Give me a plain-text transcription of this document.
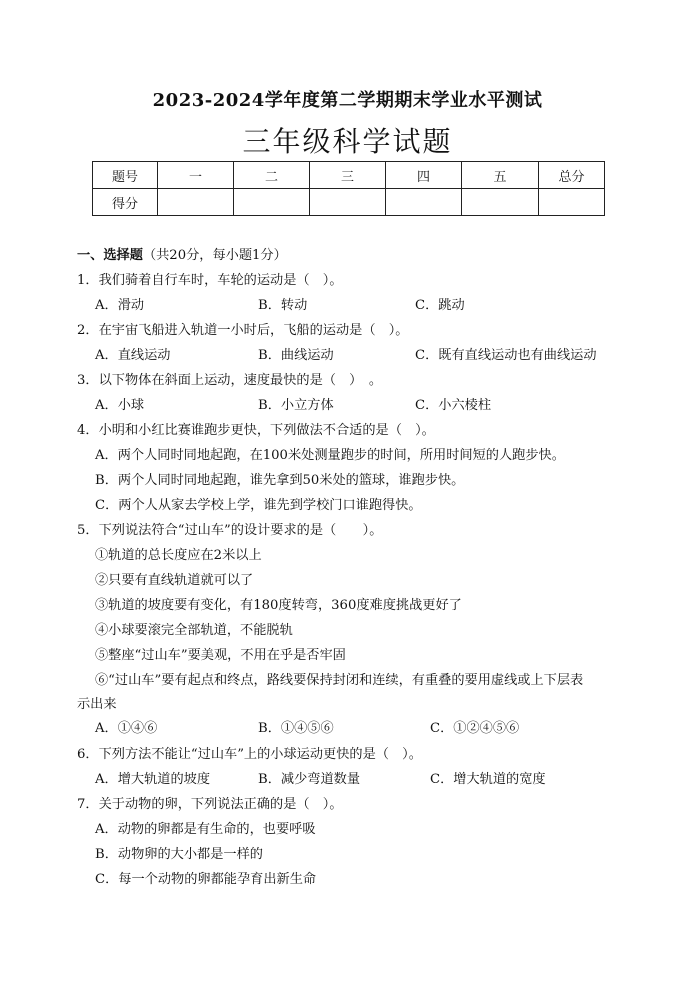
2023-2024学年度第二学期期末学业水平测试
三年级科学试题
题号	一	二	三	四	五	总分
得分						
一、选择题（共20分，每小题1分）
1．我们骑着自行车时，车轮的运动是（　）。
A．滑动	B．转动	C．跳动
2．在宇宙飞船进入轨道一小时后，飞船的运动是（　）。
A．直线运动	B．曲线运动	C．既有直线运动也有曲线运动
3．以下物体在斜面上运动，速度最快的是（　）　。
A．小球	B．小立方体	C．小六棱柱
4．小明和小红比赛谁跑步更快，下列做法不合适的是（　）。
A．两个人同时同地起跑，在100米处测量跑步的时间，所用时间短的人跑步快。
B．两个人同时同地起跑，谁先拿到50米处的篮球，谁跑步快。
C．两个人从家去学校上学，谁先到学校门口谁跑得快。
5．下列说法符合“过山车”的设计要求的是（　　）。
①轨道的总长度应在2米以上
②只要有直线轨道就可以了
③轨道的坡度要有变化，有180度转弯，360度难度挑战更好了
④小球要滚完全部轨道，不能脱轨
⑤整座“过山车”要美观，不用在乎是否牢固
⑥“过山车”要有起点和终点，路线要保持封闭和连续，有重叠的要用虚线或上下层表
示出来
A．①④⑥	B．①④⑤⑥	C．①②④⑤⑥
6．下列方法不能让“过山车”上的小球运动更快的是（　）。
A．增大轨道的坡度	B．减少弯道数量	C．增大轨道的宽度
7．关于动物的卵，下列说法正确的是（　）。
A．动物的卵都是有生命的，也要呼吸
B．动物卵的大小都是一样的
C．每一个动物的卵都能孕育出新生命
